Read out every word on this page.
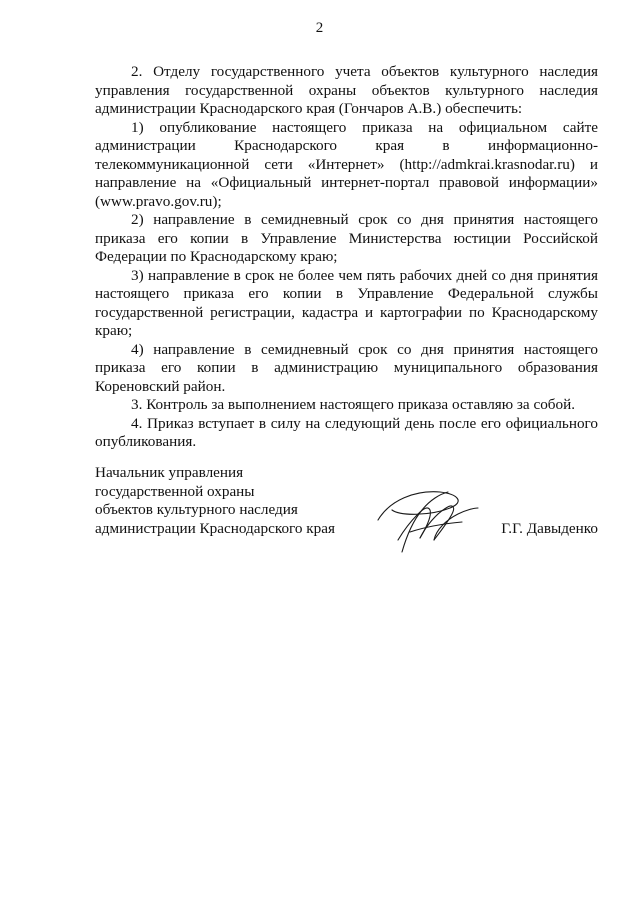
2

2. Отделу государственного учета объектов культурного наследия управления государственной охраны объектов культурного наследия администрации Краснодарского края (Гончаров А.В.) обеспечить:

1) опубликование настоящего приказа на официальном сайте администрации Краснодарского края в информационно-телекоммуникационной сети «Интернет» (http://admkrai.krasnodar.ru) и направление на «Официальный интернет-портал правовой информации» (www.pravo.gov.ru);

2) направление в семидневный срок со дня принятия настоящего приказа его копии в Управление Министерства юстиции Российской Федерации по Краснодарскому краю;

3) направление в срок не более чем пять рабочих дней со дня принятия настоящего приказа его копии в Управление Федеральной службы государственной регистрации, кадастра и картографии по Краснодарскому краю;

4) направление в семидневный срок со дня принятия настоящего приказа его копии в администрацию муниципального образования Кореновский район.

3. Контроль за выполнением настоящего приказа оставляю за собой.

4. Приказ вступает в силу на следующий день после его официального опубликования.

Начальник управления
государственной охраны
объектов культурного наследия
администрации Краснодарского края	Г.Г. Давыденко
